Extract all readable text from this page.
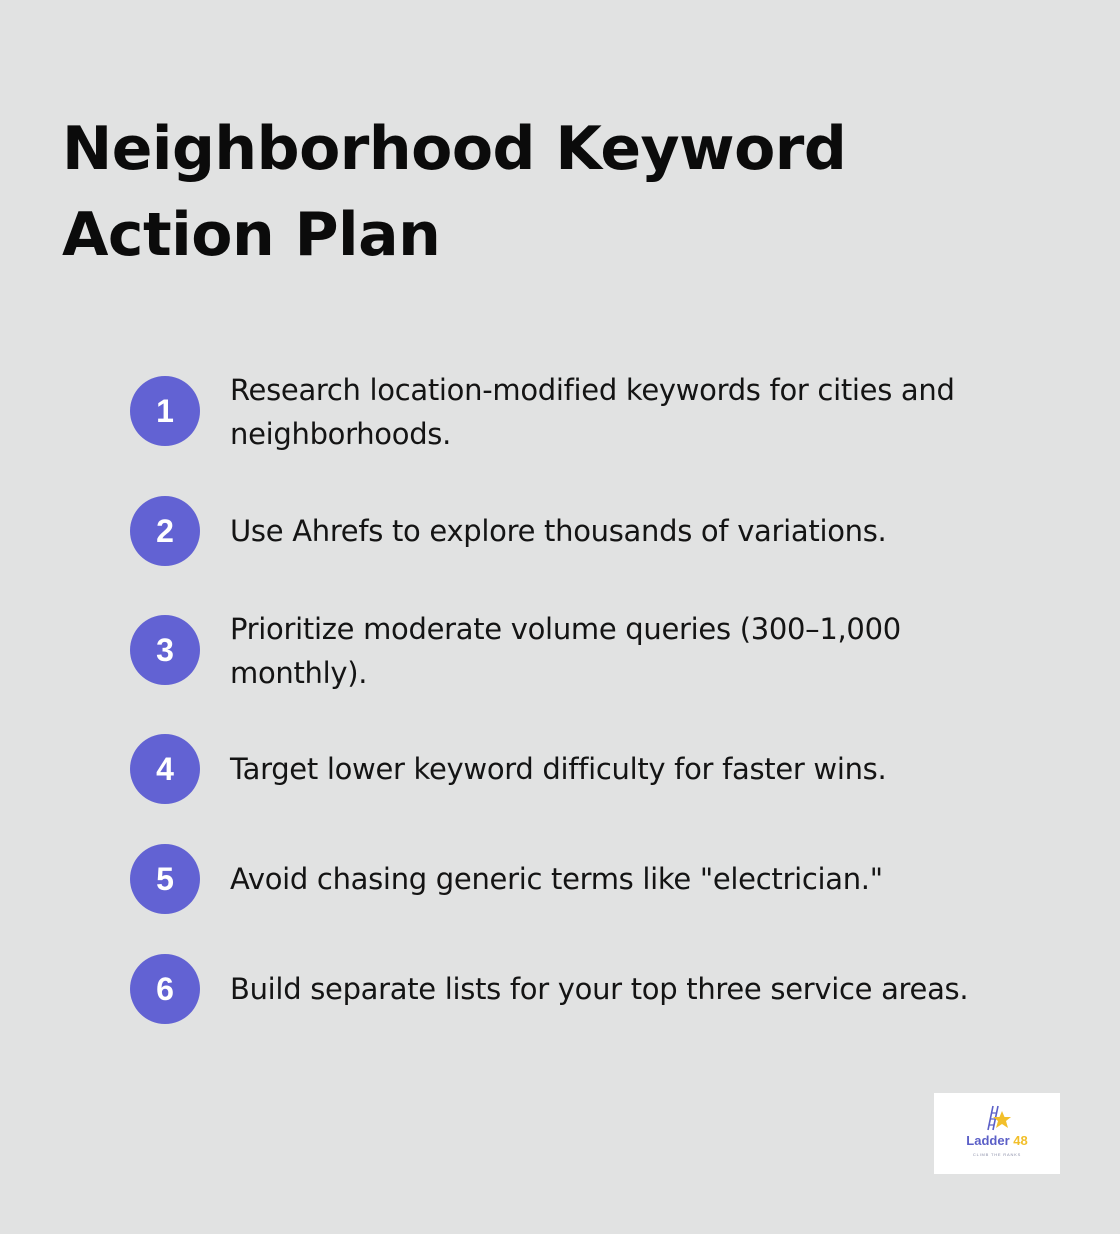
Neighborhood Keyword Action Plan
1
Research location-modified keywords for cities and neighborhoods.
2	Use Ahrefs to explore thousands of variations.
3
Prioritize moderate volume queries (300–1,000 monthly).
4	Target lower keyword difficulty for faster wins.
5	Avoid chasing generic terms like "electrician."
6	Build separate lists for your top three service areas.
Ladder 48
CLIMB THE RANKS
